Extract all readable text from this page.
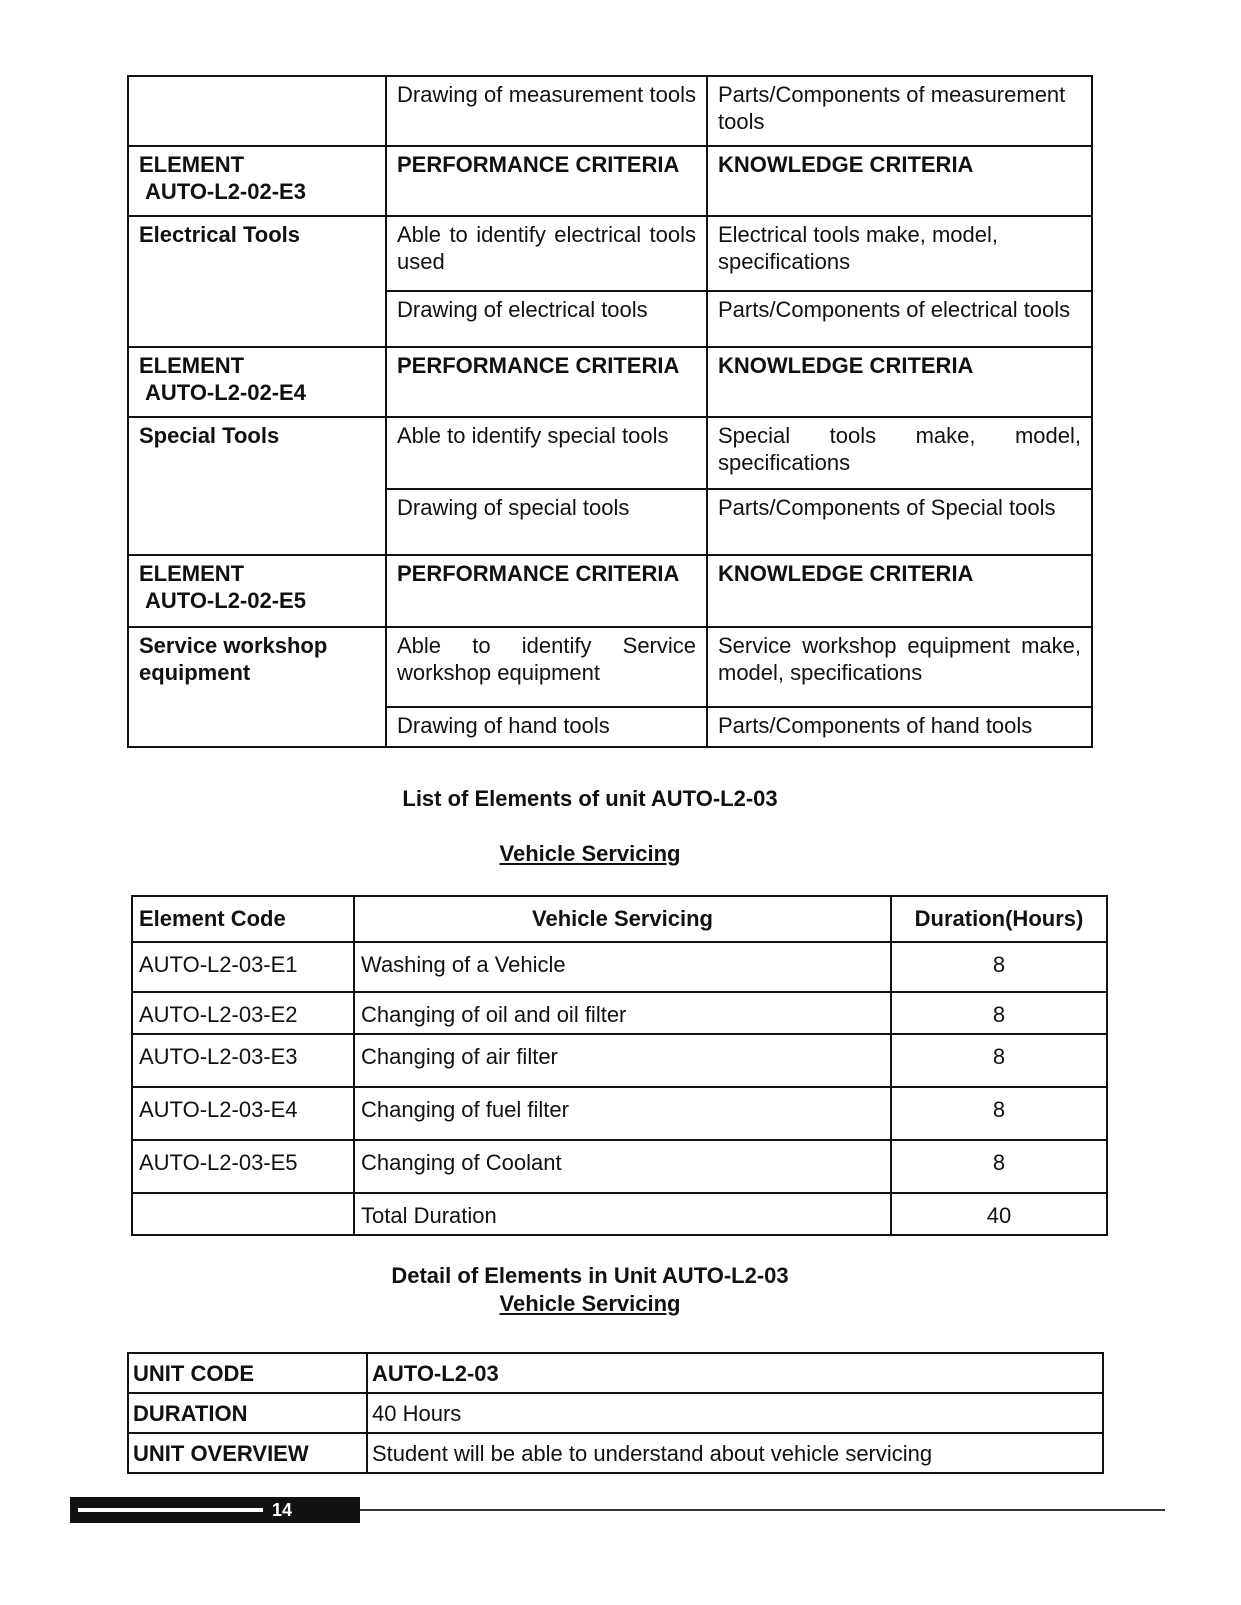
	Drawing of measurement tools	Parts/Components of measurement tools

ELEMENT
AUTO-L2-02-E3	PERFORMANCE CRITERIA	KNOWLEDGE CRITERIA
Electrical Tools	Able to identify electrical tools used	Electrical tools make, model, specifications
	Drawing of electrical tools	Parts/Components of electrical tools

ELEMENT
AUTO-L2-02-E4	PERFORMANCE CRITERIA	KNOWLEDGE CRITERIA
Special Tools	Able to identify special tools	Special tools make, model, specifications
	Drawing of special tools	Parts/Components of Special tools

ELEMENT
AUTO-L2-02-E5	PERFORMANCE CRITERIA	KNOWLEDGE CRITERIA
Service workshop equipment	Able to identify Service workshop equipment	Service workshop equipment make, model, specifications
	Drawing of hand tools	Parts/Components of hand tools
List of Elements of unit AUTO-L2-03
Vehicle Servicing
Element Code	Vehicle Servicing	Duration(Hours)
AUTO-L2-03-E1	Washing of a Vehicle	8
AUTO-L2-03-E2	Changing of oil and oil filter	8
AUTO-L2-03-E3	Changing of air filter	8
AUTO-L2-03-E4	Changing of fuel filter	8
AUTO-L2-03-E5	Changing of Coolant	8
	Total Duration	40
Detail of Elements in Unit AUTO-L2-03
Vehicle Servicing
UNIT CODE	AUTO-L2-03
DURATION	40 Hours
UNIT OVERVIEW	Student will be able to understand about vehicle servicing
14
